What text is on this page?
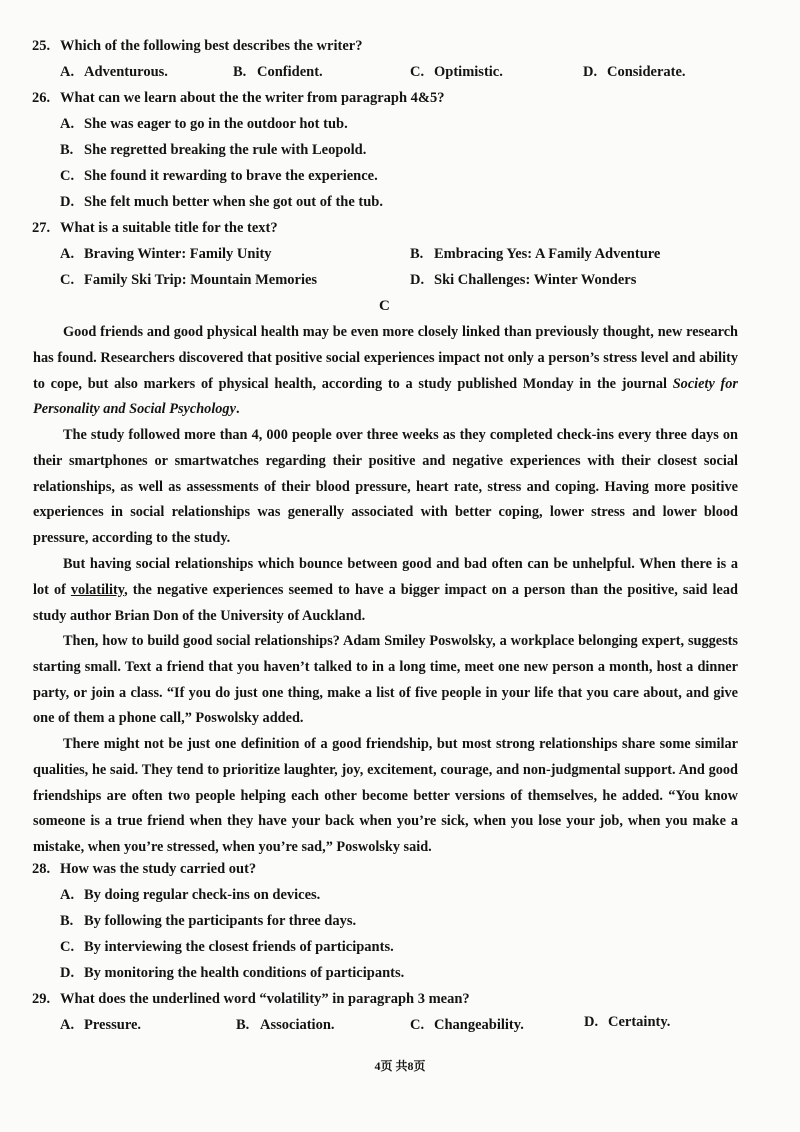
25. Which of the following best describes the writer?
A. Adventurous.	B. Confident.	C. Optimistic.	D. Considerate.
26. What can we learn about the the writer from paragraph 4&5?
A. She was eager to go in the outdoor hot tub.
B. She regretted breaking the rule with Leopold.
C. She found it rewarding to brave the experience.
D. She felt much better when she got out of the tub.
27. What is a suitable title for the text?
A. Braving Winter: Family Unity	B. Embracing Yes: A Family Adventure
C. Family Ski Trip: Mountain Memories	D. Ski Challenges: Winter Wonders
C
Good friends and good physical health may be even more closely linked than previously thought, new research has found. Researchers discovered that positive social experiences impact not only a person’s stress level and ability to cope, but also markers of physical health, according to a study published Monday in the journal Society for Personality and Social Psychology.
The study followed more than 4, 000 people over three weeks as they completed check-ins every three days on their smartphones or smartwatches regarding their positive and negative experiences with their closest social relationships, as well as assessments of their blood pressure, heart rate, stress and coping. Having more positive experiences in social relationships was generally associated with better coping, lower stress and lower blood pressure, according to the study.
But having social relationships which bounce between good and bad often can be unhelpful. When there is a lot of volatility, the negative experiences seemed to have a bigger impact on a person than the positive, said lead study author Brian Don of the University of Auckland.
Then, how to build good social relationships? Adam Smiley Poswolsky, a workplace belonging expert, suggests starting small. Text a friend that you haven’t talked to in a long time, meet one new person a month, host a dinner party, or join a class. “If you do just one thing, make a list of five people in your life that you care about, and give one of them a phone call,” Poswolsky added.
There might not be just one definition of a good friendship, but most strong relationships share some similar qualities, he said. They tend to prioritize laughter, joy, excitement, courage, and non-judgmental support. And good friendships are often two people helping each other become better versions of themselves, he added. “You know someone is a true friend when they have your back when you’re sick, when you lose your job, when you make a mistake, when you’re stressed, when you’re sad,” Poswolsky said.
28. How was the study carried out?
A. By doing regular check-ins on devices.
B. By following the participants for three days.
C. By interviewing the closest friends of participants.
D. By monitoring the health conditions of participants.
29. What does the underlined word “volatility” in paragraph 3 mean?
A. Pressure.	B. Association.	C. Changeability.	D. Certainty.
4页 共8页
